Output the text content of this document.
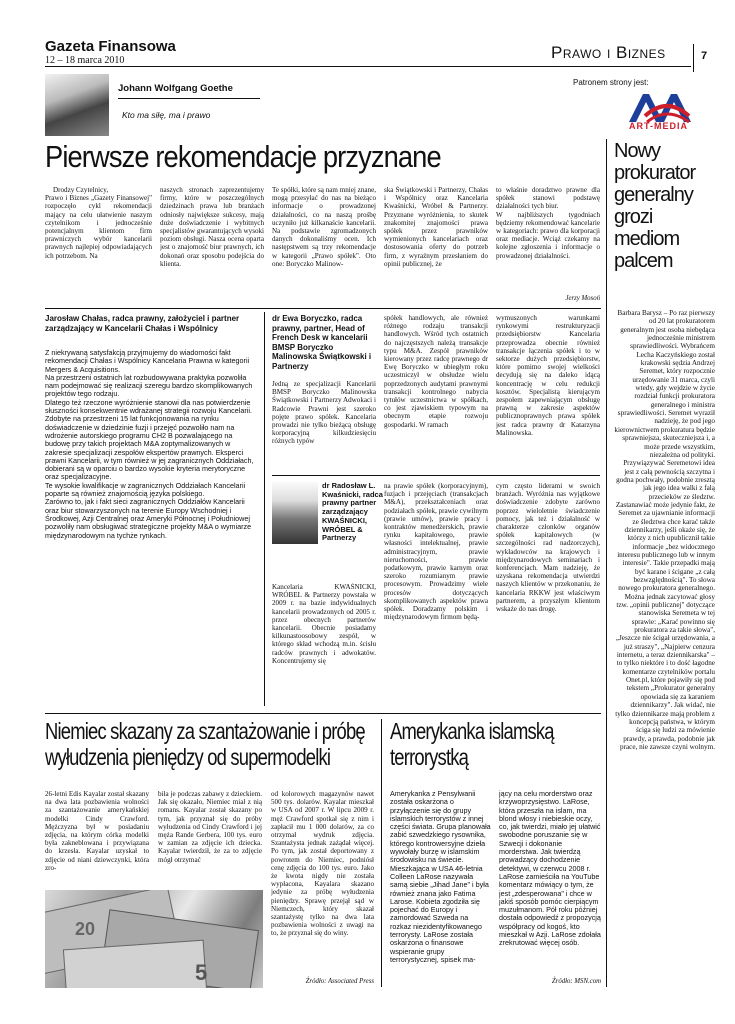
Gazeta Finansowa
12 – 18 marca 2010	Prawo i Biznes	7
Patronem strony jest:
ART-MEDIA
Johann Wolfgang Goethe
Kto ma siłę, ma i prawo
Pierwsze rekomendacje przyznane
Drodzy Czytelnicy,
Prawo i Biznes „Gazety Finansowej" rozpoczęło cykl rekomendacji mający na celu ułatwienie naszym czytelnikom i jednocześnie potencjalnym klientom firm prawniczych wybór kancelarii prawnych najlepiej odpowiadających ich potrzebom. Na
naszych stronach zaprezentujemy firmy, które w poszczególnych dziedzinach prawa lub branżach odniosły największe sukcesy, mają duże doświadczenie i wybitnych specjalistów gwarantujących wysoki poziom obsługi. Nasza ocena oparta jest o znajomość biur prawnych, ich dokonań oraz sposobu podejścia do klienta.
Te spółki, które są nam mniej znane, mogą przesyłać do nas na bieżąco informacje o prowadzonej działalności, co na naszą prośbę uczyniło już kilkanaście kancelarii. Na podstawie zgromadzonych danych dokonaliśmy ocen. Ich następstwem są trzy rekomendacje w kategorii „Prawo spółek". Oto one: Boryczko Malinow-
ska Świątkowski i Partnerzy, Chałas i Wspólnicy oraz Kancelaria Kwaśnicki, Wróbel & Partnerzy. Przyznane wyróżnienia, to skutek znakomitej znajomości prawa spółek przez prawników wymienionych kancelariach oraz dostosowania oferty do potrzeb firm, z wyraźnym przesłaniem do opinii publicznej, że
to właśnie doradztwo prawne dla spółek stanowi podstawę działalności tych biur.
W najbliższych tygodniach będziemy rekomendować kancelarie w kategoriach: prawo dla korporacji oraz mediacje. Wciąż czekamy na kolejne zgłoszenia i informacje o prowadzonej działalności.
Jerzy Mosoń
Jarosław Chałas, radca prawny, założyciel i partner zarządzający w Kancelarii Chałas i Wspólnicy
Z niekrywaną satysfakcją przyjmujemy do wiadomości fakt rekomendacji Chałas i Wspólnicy Kancelaria Prawna w kategorii Mergers & Acquisitions.
Na przestrzeni ostatnich lat rozbudowywana praktyka pozwoliła nam podejmować się realizacji szeregu bardzo skomplikowanych projektów tego rodzaju.
Dlatego też rzeczone wyróżnienie stanowi dla nas potwierdzenie słuszności konsekwentnie wdrażanej strategii rozwoju Kancelarii.
Zdobyte na przestrzeni 15 lat funkcjonowania na rynku doświadczenie w dziedzinie fuzji i przejęć pozwoliło nam na wdrożenie autorskiego programu CH2 B pozwalającego na budowę przy takich projektach M&A zoptymalizowanych w zakresie specjalizacji zespołów ekspertów prawnych. Eksperci prawni Kancelarii, w tym również w jej zagranicznych Oddziałach, dobierani są w oparciu o bardzo wysokie kryteria merytoryczne oraz specjalizacyjne.
Te wysokie kwalifikacje w zagranicznych Oddziałach Kancelarii poparte są również znajomością języka polskiego.
Zarówno to, jak i fakt sieci zagranicznych Oddziałów Kancelarii oraz biur stowarzyszonych na terenie Europy Wschodniej i Środkowej, Azji Centralnej oraz Ameryki Północnej i Południowej pozwoliły nam obsługiwać strategiczne projekty M&A o wymiarze międzynarodowym na tychże rynkach.
dr Ewa Boryczko, radca prawny, partner, Head of French Desk w kancelarii BMSP Boryczko Malinowska Świątkowski i Partnerzy
Jedną ze specjalizacji Kancelarii BMSP Boryczko Malinowska Świątkowski i Partnerzy Adwokaci i Radcowie Prawni jest szeroko pojęte prawo spółek. Kancelaria prowadzi nie tylko bieżącą obsługę korporacyjną kilkudziesięciu różnych typów
spółek handlowych, ale również różnego rodzaju transakcji handlowych. Wśród tych ostatnich do najczęstszych należą transakcje typu M&A. Zespół prawników kierowany przez radcę prawnego dr Ewę Boryczko w ubiegłym roku uczestniczył w obsłudze wielu poprzedzonych audytami prawnymi transakcji kontrolnego nabycia tytułów uczestnictwa w spółkach, co jest zjawiskiem typowym na obecnym etapie rozwoju gospodarki. W ramach
wymuszonych warunkami rynkowymi restrukturyzacji przedsiębiorstw Kancelaria przeprowadza obecnie również transakcje łączenia spółek i to w sektorze dużych przedsiębiorstw, które pomimo swojej wielkości decydują się na daleko idącą koncentrację w celu redukcji kosztów. Specjalistą kierującym zespołem zapewniającym obsługę prawną w zakresie aspektów publicznoprawnych prawa spółek jest radca prawny dr Katarzyna Malinowska.
dr Radosław L. Kwaśnicki, radca prawny partner zarządzający KWAŚNICKI, WRÓBEL & Partnerzy
Kancelaria KWAŚNICKI, WRÓBEL & Partnerzy powstała w 2009 r. na bazie indywidualnych kancelarii prowadzonych od 2005 r. przez obecnych partnerów kancelarii. Obecnie posiadamy kilkunastoosobowy zespół, w którego skład wchodzą m.in. ścisłu radców prawnych i adwokatów. Koncentrujemy się
na prawie spółek (korporacyjnym), fuzjach i przejęciach (transakcjach M&A), przekształceniach oraz podziałach spółek, prawie cywilnym (prawie umów), prawie pracy i kontraktów menedżerskich, prawie rynku kapitałowego, prawie własności intelektualnej, prawie administracyjnym, prawie nieruchomości, prawie podatkowym, prawie karnym oraz szeroko rozumianym prawie procesowym. Prowadzimy wiele procesów dotyczących skomplikowanych aspektów prawa spółek. Doradzamy polskim i międzynarodowym firmom będą-
cym często liderami w swoich branżach. Wyróżnia nas wyjątkowe doświadczenie zdobyte zarówno poprzez wieloletnie świadczenie pomocy, jak też i działalność w charakterze członków organów spółek kapitałowych (w szczególności rad nadzorczych), wykładowców na krajowych i międzynarodowych seminariach i konferencjach. Mam nadzieję, że uzyskana rekomendacja utwierdzi naszych klientów w przekonaniu, że kancelaria RKKW jest właściwym partnerem, a przyszłym klientom wskaże do nas drogę.
Nowy prokurator generalny grozi mediom palcem
Barbara Barysz – Po raz pierwszy od 20 lat prokuratorem generalnym jest osoba niebędąca jednocześnie ministrem sprawiedliwości. Wybrańcem Lecha Kaczyńskiego został krakowski sędzia Andrzej Seremet, który rozpocznie urzędowanie 31 marca, czyli wtedy, gdy wejdzie w życie rozdział funkcji prokuratora generalnego i ministra sprawiedliwości. Seremet wyraził nadzieję, że pod jego kierownictwem prokuratura będzie sprawniejsza, skuteczniejsza i, a może przede wszystkim, niezależna od polityki. Przywiązywać Seremetowi idea jest z całą pewnością szczytna i godna pochwały, podobnie zresztą jak jego idea walki z falą przecieków ze śledztw. Zastanawiać może jedynie fakt, że Seremet za ujawnianie informacji ze śledztwa chce karać także dziennikarzy, jeśli okaże się, że którzy z nich upublicznił takie informacje „bez widocznego interesu publicznego lub w innym interesie". Takie przepadki mają być karane i ścigane „z całą bezwzględnością". To słowa nowego prokuratora generalnego. Można jednak zacytować głosy tzw. „opinii publicznej" dotyczące stanowiska Seremeta w tej sprawie: „Karać powinno się prokuratora za takie słowa", „Jeszcze nie ścigał urzędowania, a już straszy", „Najpierw cenzura internetu, a teraz dziennikarska" – to tylko niektóre i to dość łagodne komentarze czytelników portalu Onet.pl, które pojawiły się pod tekstem „Prokurator generalny opowiada się za karaniem dziennikarzy". Jak widać, nie tylko dziennikarze mają problem z koncepcją państwa, w którym ściga się ludzi za mówienie prawdy, a prawda, podobnie jak prace, nie zawsze czyni wolnym.
Niemiec skazany za szantażowanie i próbę
wyłudzenia pieniędzy od supermodelki
26-letni Edis Kayalar został skazany na dwa lata pozbawienia wolności za szantażowanie amerykańskiej modelki Cindy Crawford. Mężczyzna był w posiadaniu zdjęcia, na którym córka modelki była zakneblowana i przywiązana do krzesła. Kayalar uzyskał to zdjęcie od niani dziewczynki, która zro-
biła je podczas zabawy z dzieckiem. Jak się okazało, Niemiec miał z nią romans. Kayalar został skazany po tym, jak przyznał się do próby wyłudzenia od Cindy Crawford i jej męża Rande Gerbera, 100 tys. euro w zamian za zdjęcie ich dziecka. Kayalar twierdził, że za to zdjęcie mógł otrzymać
od kolorowych magazynów nawet 500 tys. dolarów. Kayalar mieszkał w USA od 2007 r. W lipcu 2009 r. męż Crawford spotkał się z nim i zapłacił mu 1 000 dolarów, za co otrzymał wydruk zdjęcia. Szantażysta jednak zażądał więcej. Po tym, jak został deportowany z powrotem do Niemiec, podniósł cenę zdjęcia do 100 tys. euro. Jako że kwota nigdy nie została wypłacona, Kayalara skazano jedynie za próbę wyłudzenia pieniędzy. Sprawę przejął sąd w Niemczech, który skazał szantażystę tylko na dwa lata pozbawienia wolności z uwagi na to, że przyznał się do winy.
Źródło: Associated Press
5
20
Amerykanka islamską
terrorystką
Amerykanka z Pensylwanii została oskarżona o przyłączenie się do grupy islamskich terrorystów z innej części świata. Grupa planowała zabić szwedzkiego rysownika, którego kontrowersyjne dzieła wywołały burzę w islamskim środowisku na świecie. Mieszkająca w USA 46-letnia Colleen LaRose nazywała samą siebie „Jihad Jane" i była również znana jako Fatima Larose. Kobieta zgodziła się pojechać do Europy i zamordować Szweda na rozkaz niezidentyfikowanego terrorysty. LaRose została oskarżona o finansowe wspieranie grupy terrorystycznej, spisek ma-
jący na celu morderstwo oraz krzywoprzysięstwo. LaRose, która przeszła na islam, ma blond włosy i niebieskie oczy, co, jak twierdzi, miało jej ułatwić swobodne poruszanie się w Szwecji i dokonanie morderstwa. Jak twierdzą prowadzący dochodzenie detektywi, w czerwcu 2008 r. LaRose zamieściła na YouTube komentarz mówiący o tym, że jest „zdesperowana" i chce w jakiś sposób pomóc cierpiącym muzułmanom. Pół roku później dostała odpowiedź z propozycją współpracy od kogoś, kto mieszkał w Azji. LaRose zdołała zrekrutować więcej osób.
Źródło: MSN.com
